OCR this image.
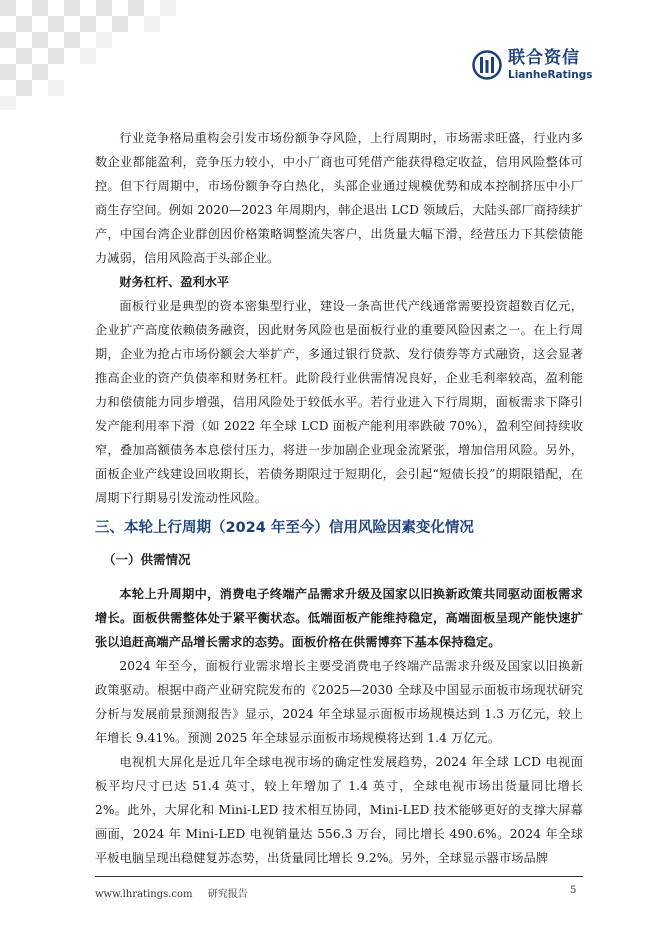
联合资信
LianheRatings

行业竞争格局重构会引发市场份额争夺风险，上行周期时，市场需求旺盛，行业内多数企业都能盈利，竞争压力较小，中小厂商也可凭借产能获得稳定收益，信用风险整体可控。但下行周期中，市场份额争夺白热化，头部企业通过规模优势和成本控制挤压中小厂商生存空间。例如 2020—2023 年周期内，韩企退出 LCD 领域后，大陆头部厂商持续扩产，中国台湾企业群创因价格策略调整流失客户，出货量大幅下滑，经营压力下其偿债能力减弱，信用风险高于头部企业。

财务杠杆、盈利水平

面板行业是典型的资本密集型行业，建设一条高世代产线通常需要投资超数百亿元，企业扩产高度依赖债务融资，因此财务风险也是面板行业的重要风险因素之一。在上行周期，企业为抢占市场份额会大举扩产，多通过银行贷款、发行债券等方式融资，这会显著推高企业的资产负债率和财务杠杆。此阶段行业供需情况良好，企业毛利率较高，盈利能力和偿债能力同步增强，信用风险处于较低水平。若行业进入下行周期，面板需求下降引发产能利用率下滑（如 2022 年全球 LCD 面板产能利用率跌破 70%），盈利空间持续收窄，叠加高额债务本息偿付压力，将进一步加剧企业现金流紧张，增加信用风险。另外，面板企业产线建设回收期长，若债务期限过于短期化，会引起“短债长投”的期限错配，在周期下行期易引发流动性风险。

三、本轮上行周期（2024 年至今）信用风险因素变化情况
（一）供需情况

本轮上升周期中，消费电子终端产品需求升级及国家以旧换新政策共同驱动面板需求增长。面板供需整体处于紧平衡状态。低端面板产能维持稳定，高端面板呈现产能快速扩张以追赶高端产品增长需求的态势。面板价格在供需博弈下基本保持稳定。

2024 年至今，面板行业需求增长主要受消费电子终端产品需求升级及国家以旧换新政策驱动。根据中商产业研究院发布的《2025—2030 全球及中国显示面板市场现状研究分析与发展前景预测报告》显示，2024 年全球显示面板市场规模达到 1.3 万亿元，较上年增长 9.41%。预测 2025 年全球显示面板市场规模将达到 1.4 万亿元。

电视机大屏化是近几年全球电视市场的确定性发展趋势，2024 年全球 LCD 电视面板平均尺寸已达 51.4 英寸，较上年增加了 1.4 英寸，全球电视市场出货量同比增长 2%。此外，大屏化和 Mini-LED 技术相互协同，Mini-LED 技术能够更好的支撑大屏幕画面，2024 年 Mini-LED 电视销量达 556.3 万台，同比增长 490.6%。2024 年全球平板电脑呈现出稳健复苏态势，出货量同比增长 9.2%。另外，全球显示器市场品牌

www.lhratings.com 研究报告	5
